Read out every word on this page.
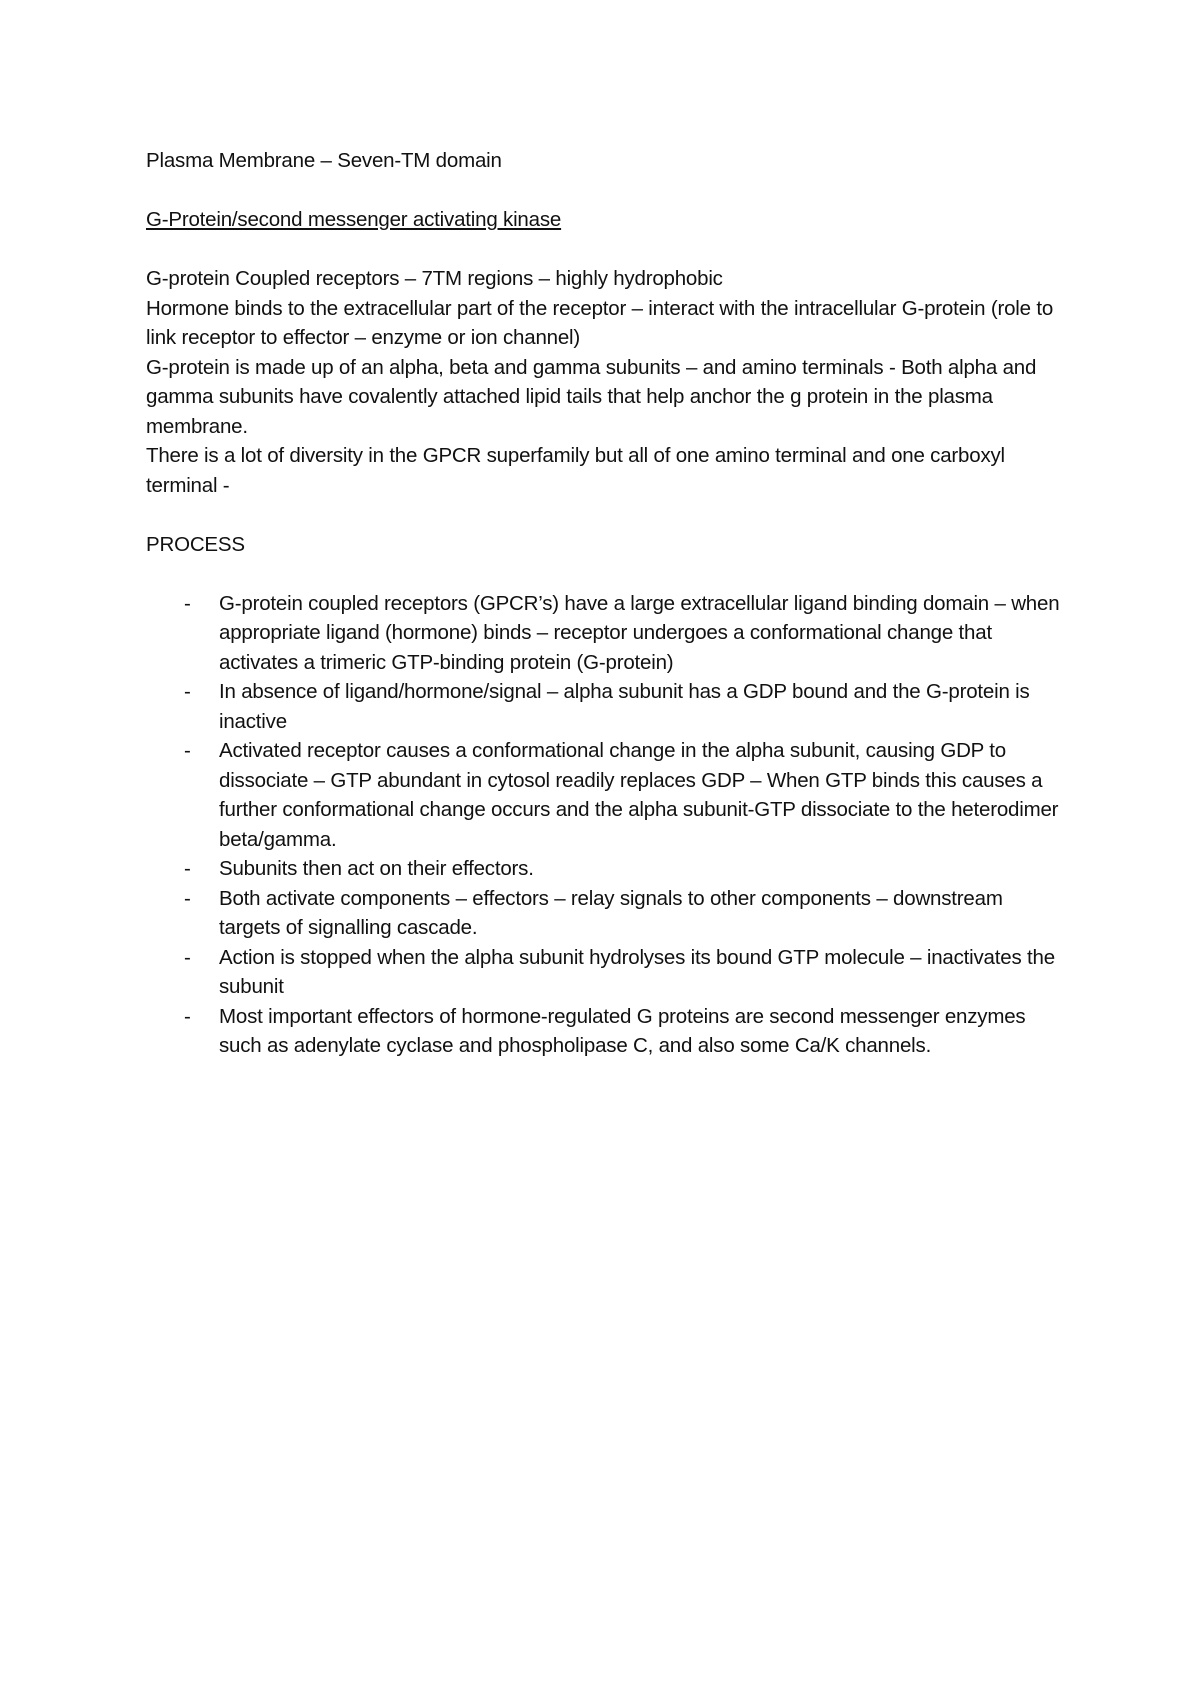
Plasma Membrane – Seven-TM domain
G-Protein/second messenger activating kinase

G-protein Coupled receptors – 7TM regions – highly hydrophobic

Hormone binds to the extracellular part of the receptor – interact with the intracellular G-protein (role to link receptor to effector – enzyme or ion channel)

G-protein is made up of an alpha, beta and gamma subunits – and amino terminals - Both alpha and gamma subunits have covalently attached lipid tails that help anchor the g protein in the plasma membrane.

There is a lot of diversity in the GPCR superfamily but all of one amino terminal and one carboxyl terminal -

PROCESS
- G-protein coupled receptors (GPCR’s) have a large extracellular ligand binding domain – when appropriate ligand (hormone) binds – receptor undergoes a conformational change that activates a trimeric GTP-binding protein (G-protein)
- In absence of ligand/hormone/signal – alpha subunit has a GDP bound and the G-protein is inactive
- Activated receptor causes a conformational change in the alpha subunit, causing GDP to dissociate – GTP abundant in cytosol readily replaces GDP – When GTP binds this causes a further conformational change occurs and the alpha subunit-GTP dissociate to the heterodimer beta/gamma.
- Subunits then act on their effectors.
- Both activate components – effectors – relay signals to other components – downstream targets of signalling cascade.
- Action is stopped when the alpha subunit hydrolyses its bound GTP molecule – inactivates the subunit
- Most important effectors of hormone-regulated G proteins are second messenger enzymes such as adenylate cyclase and phospholipase C, and also some Ca/K channels.
